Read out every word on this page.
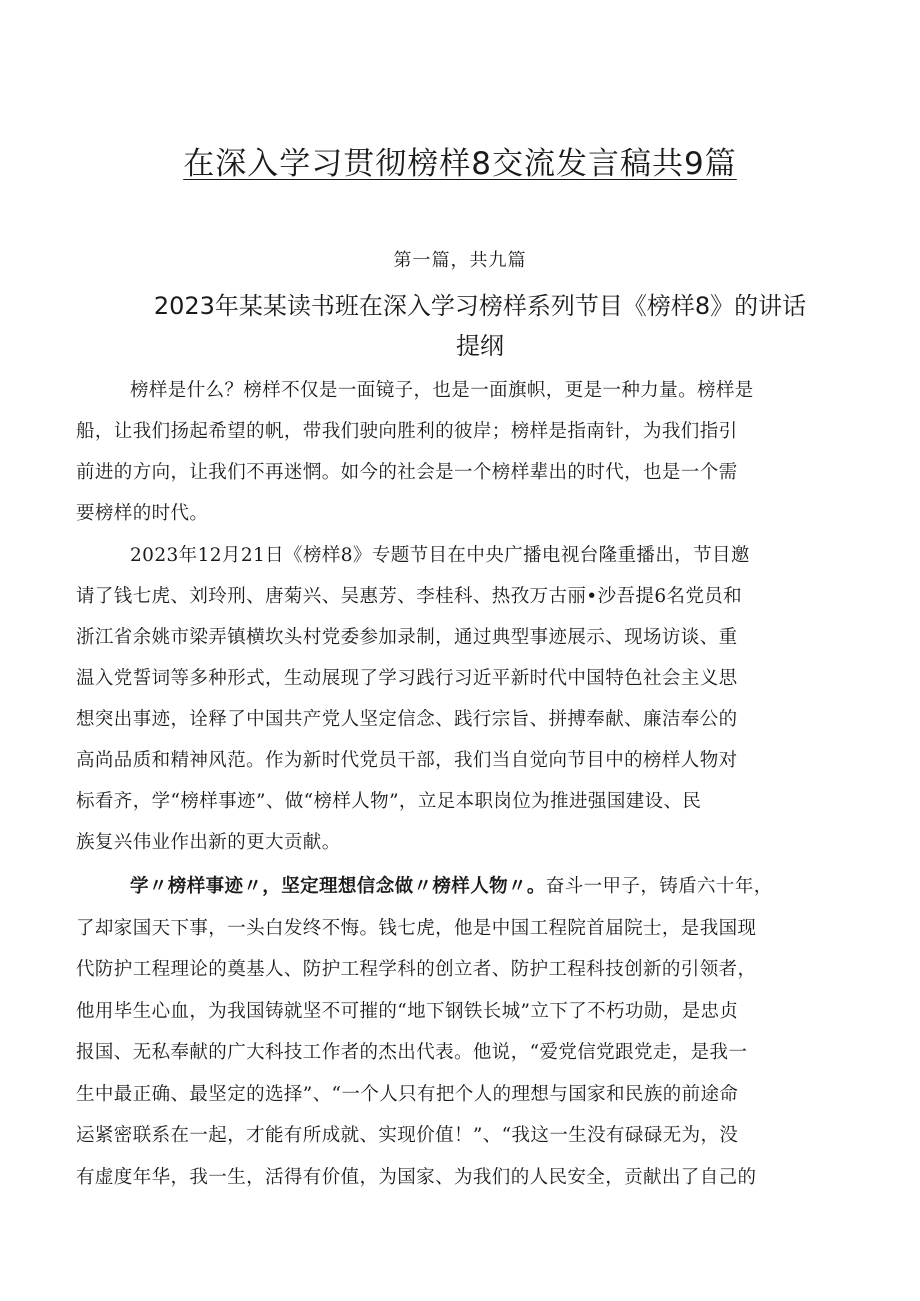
在深入学习贯彻榜样8交流发言稿共9篇
第一篇，共九篇
2023年某某读书班在深入学习榜样系列节目《榜样8》的讲话
提纲
榜样是什么？榜样不仅是一面镜子，也是一面旗帜，更是一种力量。榜样是
船，让我们扬起希望的帆，带我们驶向胜利的彼岸；榜样是指南针，为我们指引
前进的方向，让我们不再迷惘。如今的社会是一个榜样辈出的时代，也是一个需
要榜样的时代。
2023年12月21日《榜样8》专题节目在中央广播电视台隆重播出，节目邀
请了钱七虎、刘玲刑、唐菊兴、吴惠芳、李桂科、热孜万古丽•沙吾提6名党员和
浙江省余姚市梁弄镇横坎头村党委参加录制，通过典型事迹展示、现场访谈、重
温入党誓词等多种形式，生动展现了学习践行习近平新时代中国特色社会主义思
想突出事迹，诠释了中国共产党人坚定信念、践行宗旨、拼搏奉献、廉洁奉公的
高尚品质和精神风范。作为新时代党员干部，我们当自觉向节目中的榜样人物对
标看齐，学“榜样事迹”、做“榜样人物”，立足本职岗位为推进强国建设、民
族复兴伟业作出新的更大贡献。
学〃榜样事迹〃，坚定理想信念做〃榜样人物〃。奋斗一甲子，铸盾六十年，
了却家国天下事，一头白发终不悔。钱七虎，他是中国工程院首届院士，是我国现
代防护工程理论的奠基人、防护工程学科的创立者、防护工程科技创新的引领者，
他用毕生心血，为我国铸就坚不可摧的“地下钢铁长城”立下了不朽功勋，是忠贞
报国、无私奉献的广大科技工作者的杰出代表。他说，“爱党信党跟党走，是我一
生中最正确、最坚定的选择”、“一个人只有把个人的理想与国家和民族的前途命
运紧密联系在一起，才能有所成就、实现价值！”、“我这一生没有碌碌无为，没
有虚度年华，我一生，活得有价值，为国家、为我们的人民安全，贡献出了自己的
